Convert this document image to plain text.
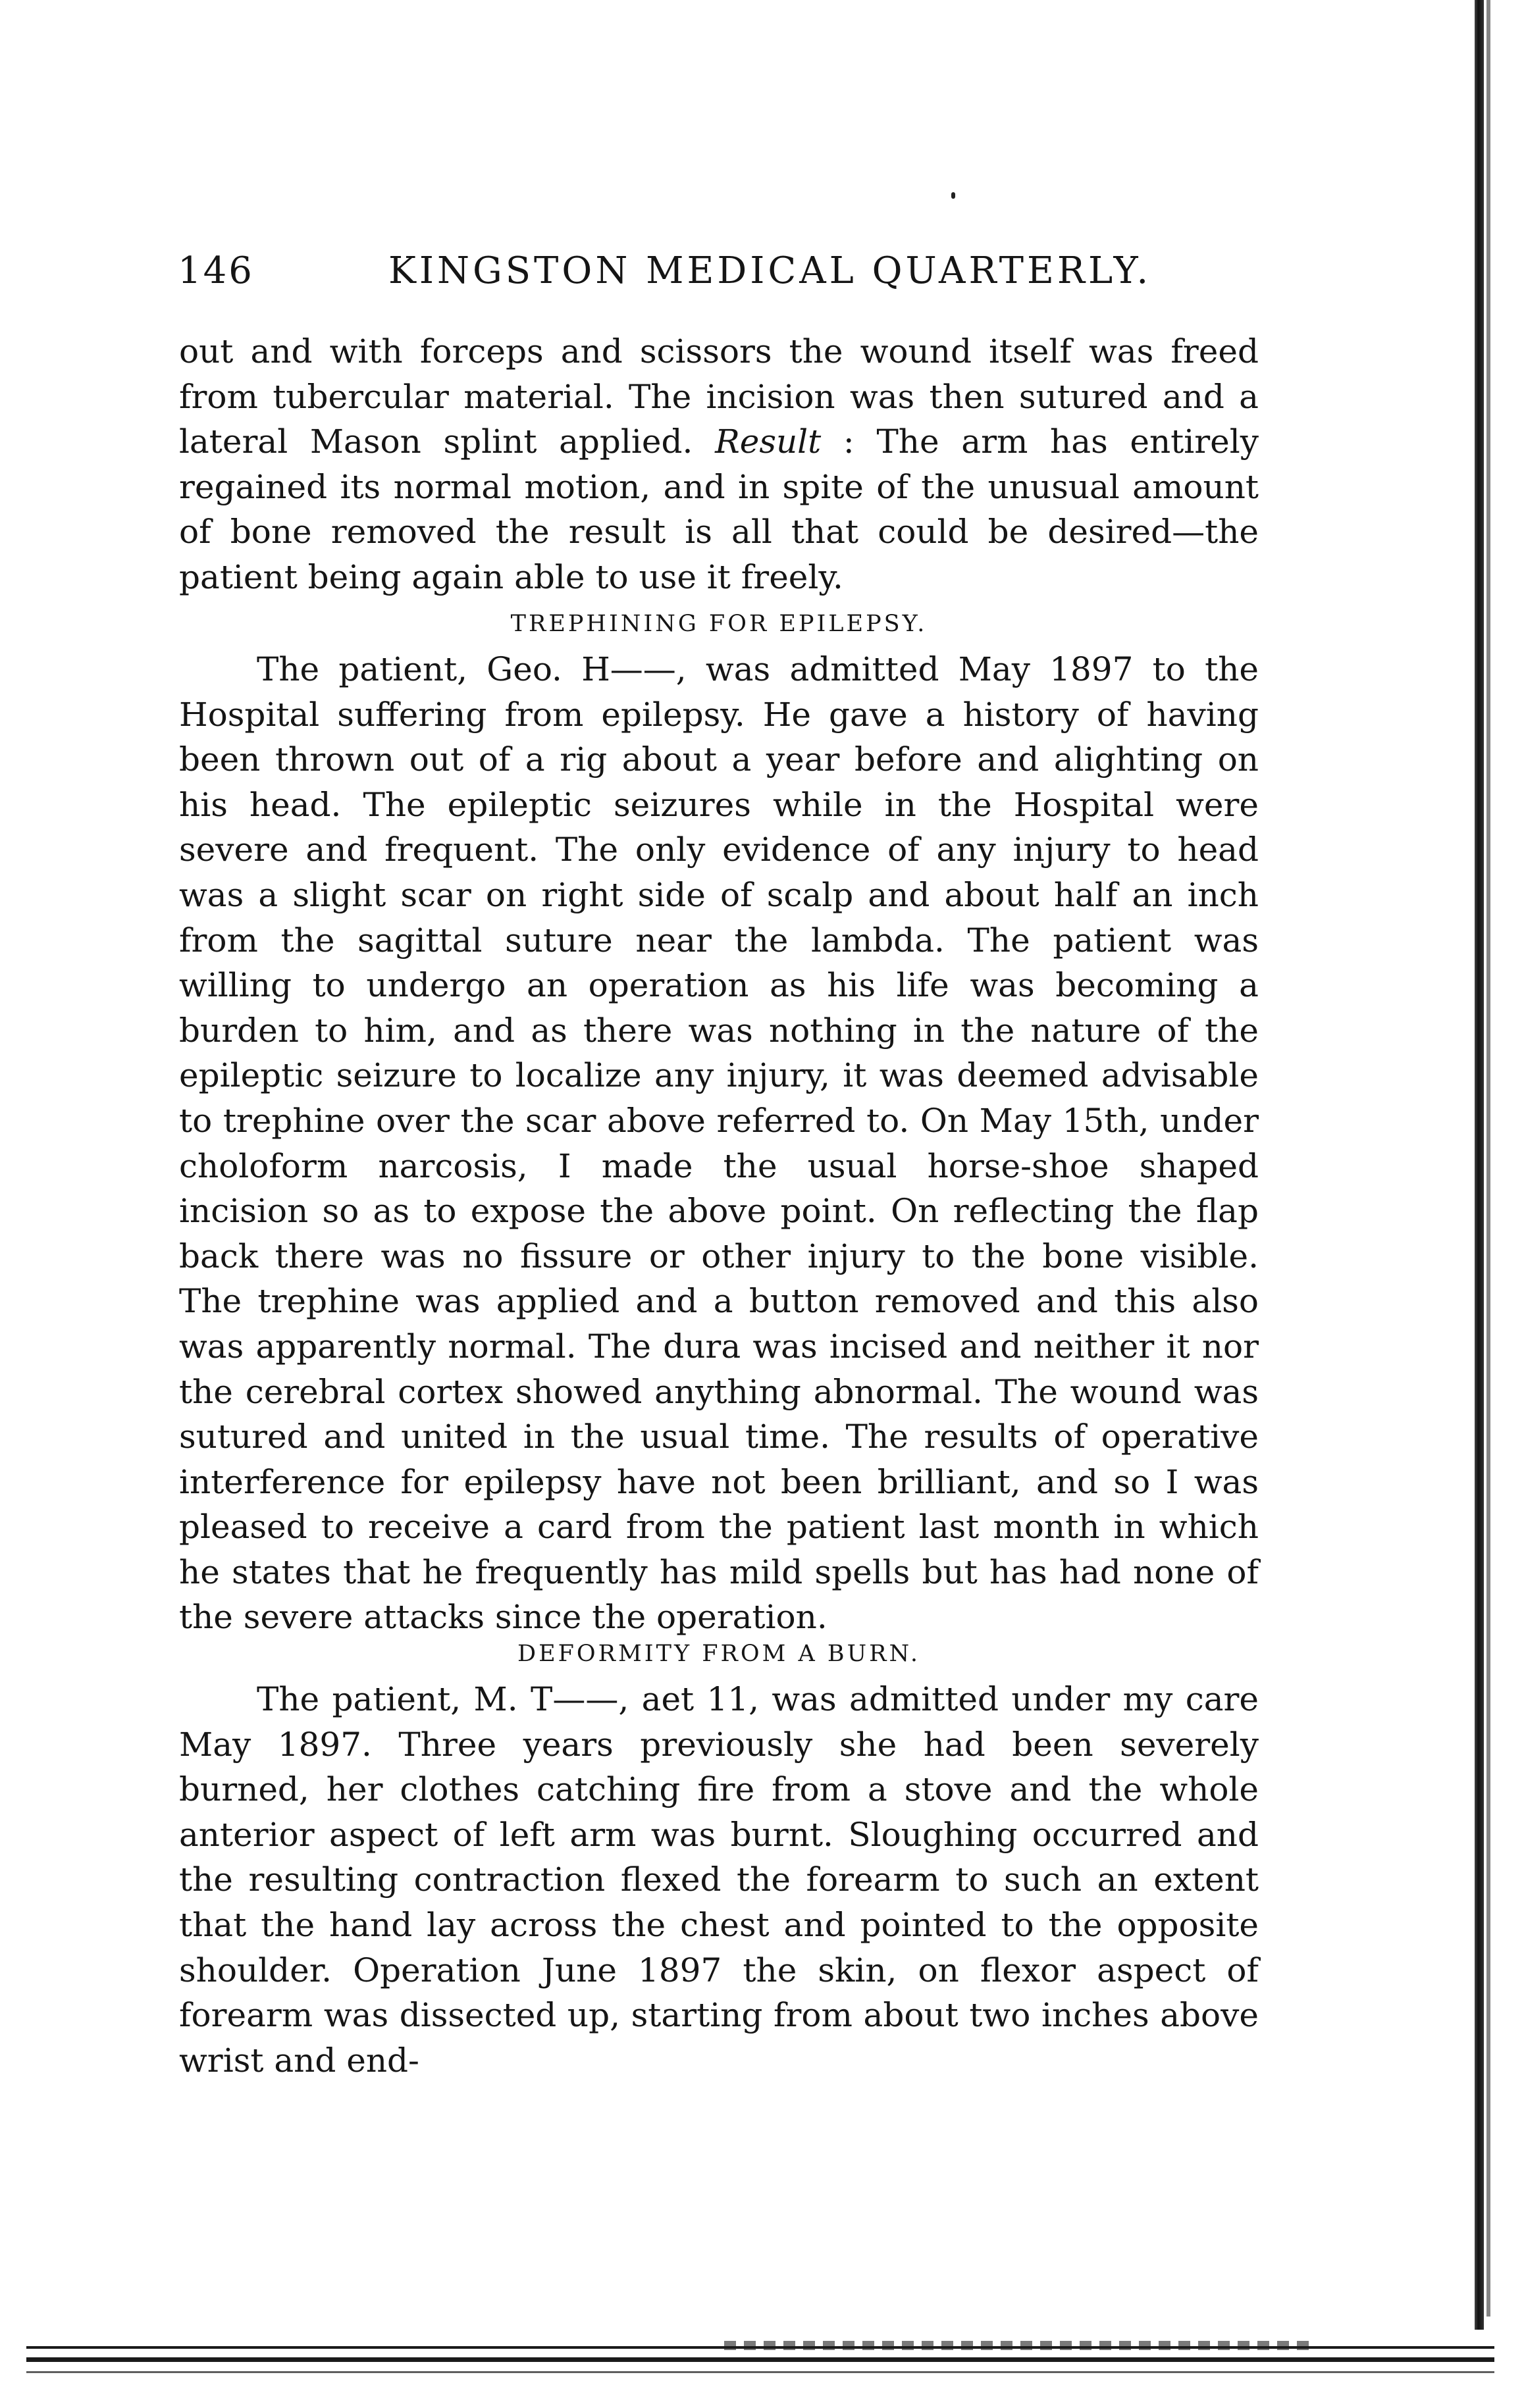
146	KINGSTON MEDICAL QUARTERLY.

out and with forceps and scissors the wound itself was freed from tubercular material. The incision was then sutured and a lateral Mason splint applied. Result : The arm has entirely regained its normal motion, and in spite of the unusual amount of bone removed the result is all that could be desired—the patient being again able to use it freely.

TREPHINING FOR EPILEPSY.

The patient, Geo. H——, was admitted May 1897 to the Hospital suffering from epilepsy. He gave a history of having been thrown out of a rig about a year before and alighting on his head. The epileptic seizures while in the Hospital were severe and frequent. The only evidence of any injury to head was a slight scar on right side of scalp and about half an inch from the sagittal suture near the lambda. The patient was willing to undergo an operation as his life was becoming a burden to him, and as there was nothing in the nature of the epileptic seizure to localize any injury, it was deemed advisable to trephine over the scar above referred to. On May 15th, under choloform narcosis, I made the usual horse-shoe shaped incision so as to expose the above point. On reflecting the flap back there was no fissure or other injury to the bone visible. The trephine was applied and a button removed and this also was apparently normal. The dura was incised and neither it nor the cerebral cortex showed anything abnormal. The wound was sutured and united in the usual time. The results of operative interference for epilepsy have not been brilliant, and so I was pleased to receive a card from the patient last month in which he states that he frequently has mild spells but has had none of the severe attacks since the operation.

DEFORMITY FROM A BURN.

The patient, M. T——, aet 11, was admitted under my care May 1897. Three years previously she had been severely burned, her clothes catching fire from a stove and the whole anterior aspect of left arm was burnt. Sloughing occurred and the resulting contraction flexed the forearm to such an extent that the hand lay across the chest and pointed to the opposite shoulder. Operation June 1897 the skin, on flexor aspect of forearm was dissected up, starting from about two inches above wrist and end-
